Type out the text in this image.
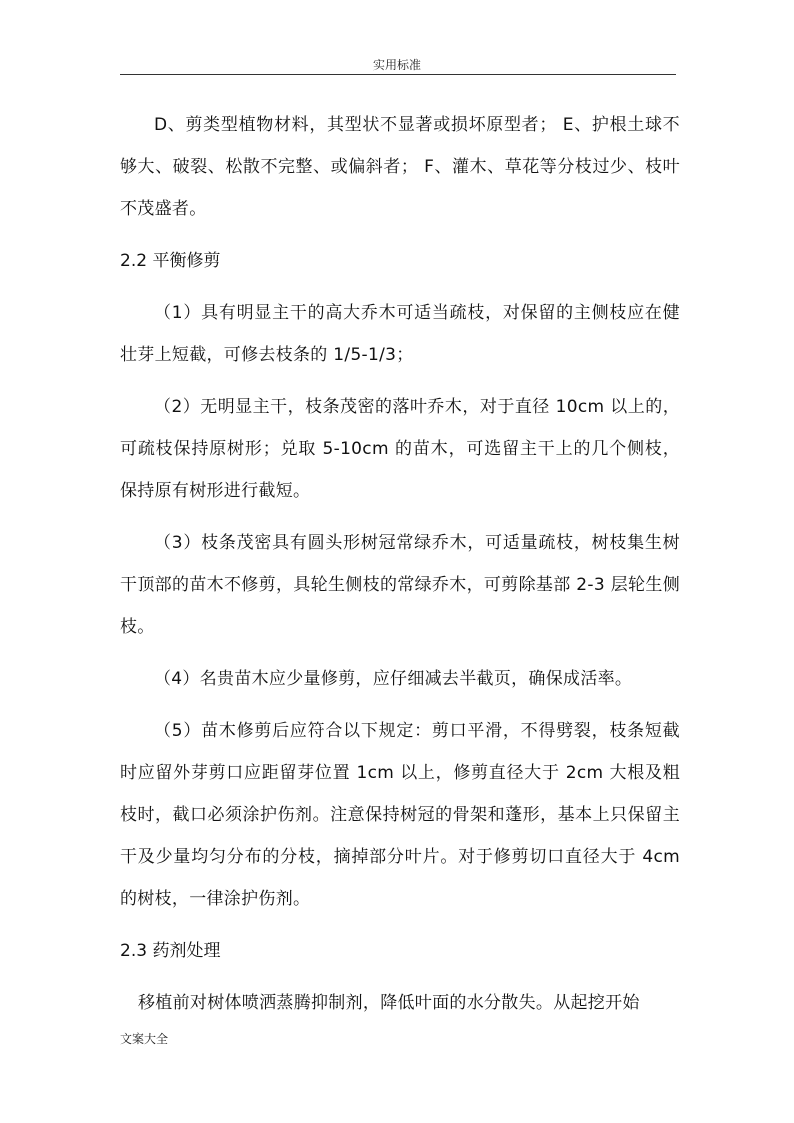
实用标准

D、剪类型植物材料，其型状不显著或损坏原型者； E、护根土球不够大、破裂、松散不完整、或偏斜者； F、灌木、草花等分枝过少、枝叶不茂盛者。

2.2 平衡修剪

（1）具有明显主干的高大乔木可适当疏枝，对保留的主侧枝应在健壮芽上短截，可修去枝条的 1/5-1/3；

（2）无明显主干，枝条茂密的落叶乔木，对于直径 10cm 以上的，可疏枝保持原树形；兑取 5-10cm 的苗木，可选留主干上的几个侧枝，保持原有树形进行截短。

（3）枝条茂密具有圆头形树冠常绿乔木，可适量疏枝，树枝集生树干顶部的苗木不修剪，具轮生侧枝的常绿乔木，可剪除基部 2-3 层轮生侧枝。

（4）名贵苗木应少量修剪，应仔细减去半截页，确保成活率。

（5）苗木修剪后应符合以下规定：剪口平滑，不得劈裂，枝条短截时应留外芽剪口应距留芽位置 1cm 以上，修剪直径大于 2cm 大根及粗枝时，截口必须涂护伤剂。注意保持树冠的骨架和蓬形，基本上只保留主干及少量均匀分布的分枝，摘掉部分叶片。对于修剪切口直径大于 4cm 的树枝，一律涂护伤剂。

2.3 药剂处理

移植前对树体喷洒蒸腾抑制剂，降低叶面的水分散失。从起挖开始

文案大全
